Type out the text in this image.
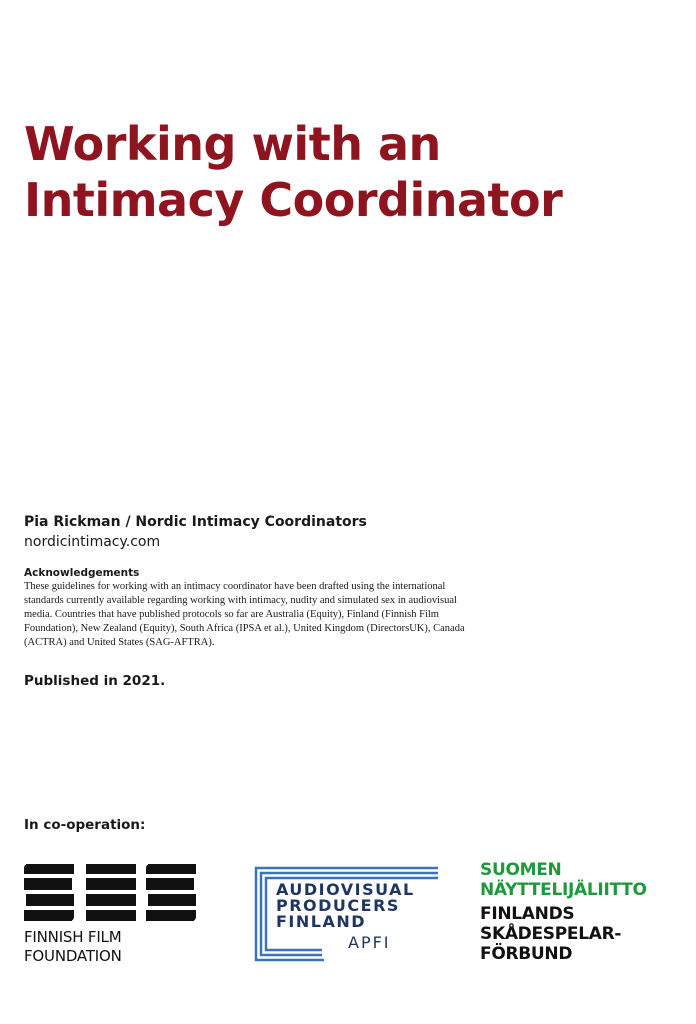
Working with an Intimacy Coordinator

Pia Rickman / Nordic Intimacy Coordinators

nordicintimacy.com

Acknowledgements

These guidelines for working with an intimacy coordinator have been drafted using the international standards currently available regarding working with intimacy, nudity and simulated sex in audiovisual media. Countries that have published protocols so far are Australia (Equity), Finland (Finnish Film Foundation), New Zealand (Equity), South Africa (IPSA et al.), United Kingdom (DirectorsUK), Canada (ACTRA) and United States (SAG-AFTRA).

Published in 2021.

In co-operation:

FINNISH FILM
FOUNDATION
AUDIOVISUAL
PRODUCERS
FINLAND
APFI

SUOMEN
NÄYTTELIJÄLIITTO

FINLANDS
SKÅDESPELAR-
FÖRBUND
